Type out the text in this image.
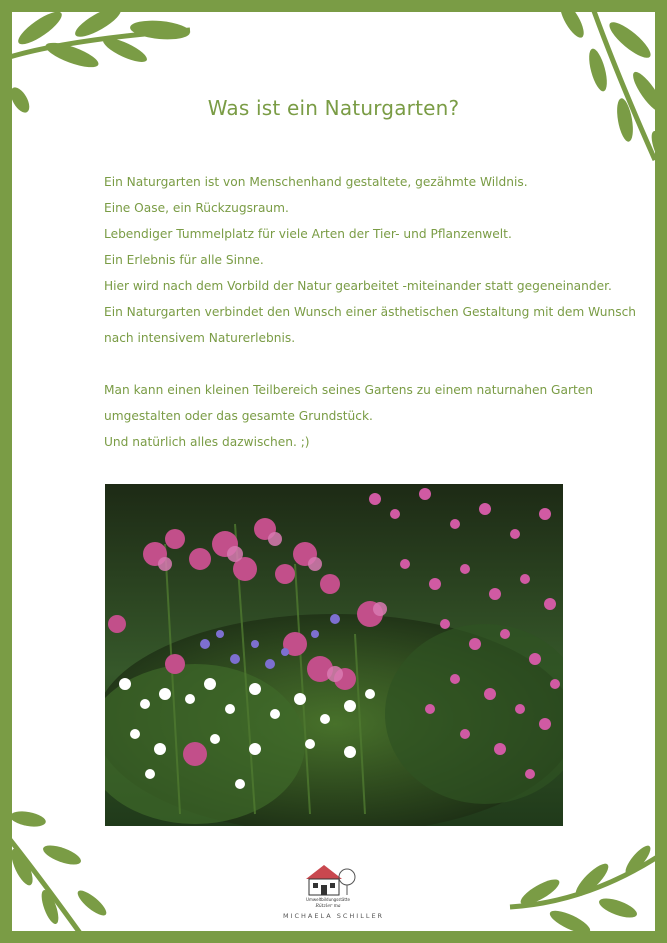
Was ist ein Naturgarten?
Ein Naturgarten ist von Menschenhand gestaltete, gezähmte Wildnis.
Eine Oase, ein Rückzugsraum.
Lebendiger Tummelplatz für viele Arten der Tier- und Pflanzenwelt.
Ein Erlebnis für alle Sinne.
Hier wird nach dem Vorbild der Natur gearbeitet -miteinander statt gegeneinander.
Ein Naturgarten verbindet den Wunsch einer ästhetischen Gestaltung mit dem Wunsch
nach intensivem Naturerlebnis.
Man kann einen kleinen Teilbereich seines Gartens zu einem naturnahen Garten
umgestalten oder das gesamte Grundstück.
Und natürlich alles dazwischen. ;)
Umweltbildungsstätte
Rützler ma
MICHAELA SCHILLER
